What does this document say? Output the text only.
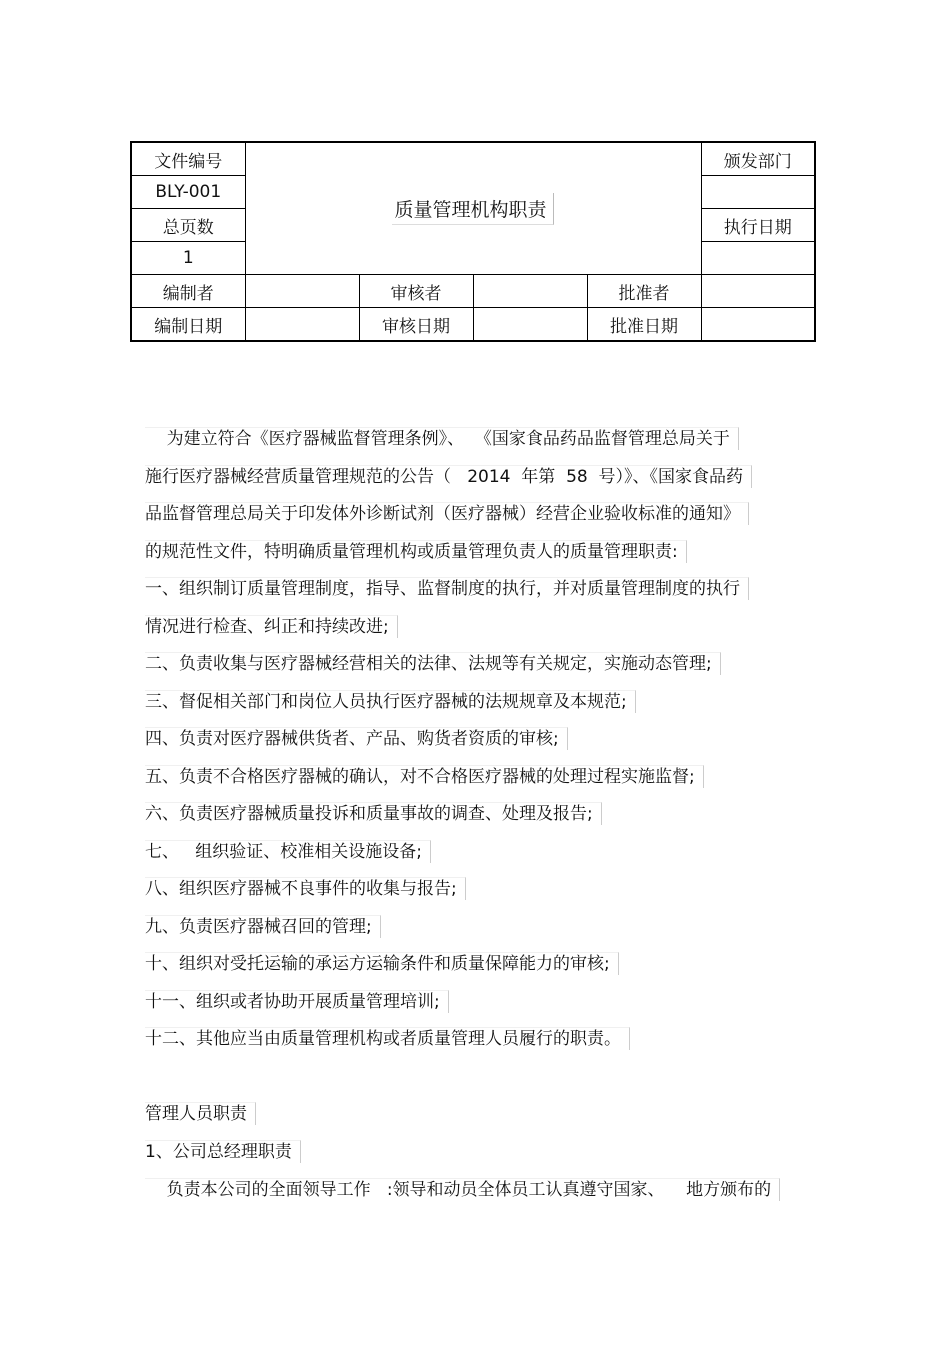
文件编号	质量管理机构职责				颁发部门
BLY-001					
总页数					执行日期
1					
编制者		审核者		批准者	
编制日期		审核日期		批准日期	
为建立符合《医疗器械监督管理条例》、  《国家食品药品监督管理总局关于
施行医疗器械经营质量管理规范的公告（   2014  年第  58  号）》、《国家食品药
品监督管理总局关于印发体外诊断试剂（医疗器械）经营企业验收标准的通知》
的规范性文件，特明确质量管理机构或质量管理负责人的质量管理职责:
一、组织制订质量管理制度，指导、监督制度的执行，并对质量管理制度的执行
情况进行检查、纠正和持续改进;
二、负责收集与医疗器械经营相关的法律、法规等有关规定，实施动态管理;
三、督促相关部门和岗位人员执行医疗器械的法规规章及本规范;
四、负责对医疗器械供货者、产品、购货者资质的审核;
五、负责不合格医疗器械的确认，对不合格医疗器械的处理过程实施监督;
六、负责医疗器械质量投诉和质量事故的调查、处理及报告;
七、   组织验证、校准相关设施设备;
八、组织医疗器械不良事件的收集与报告;
九、负责医疗器械召回的管理;
十、组织对受托运输的承运方运输条件和质量保障能力的审核;
十一、组织或者协助开展质量管理培训;
十二、其他应当由质量管理机构或者质量管理人员履行的职责。
管理人员职责
1、公司总经理职责
负责本公司的全面领导工作   :领导和动员全体员工认真遵守国家、    地方颁布的
